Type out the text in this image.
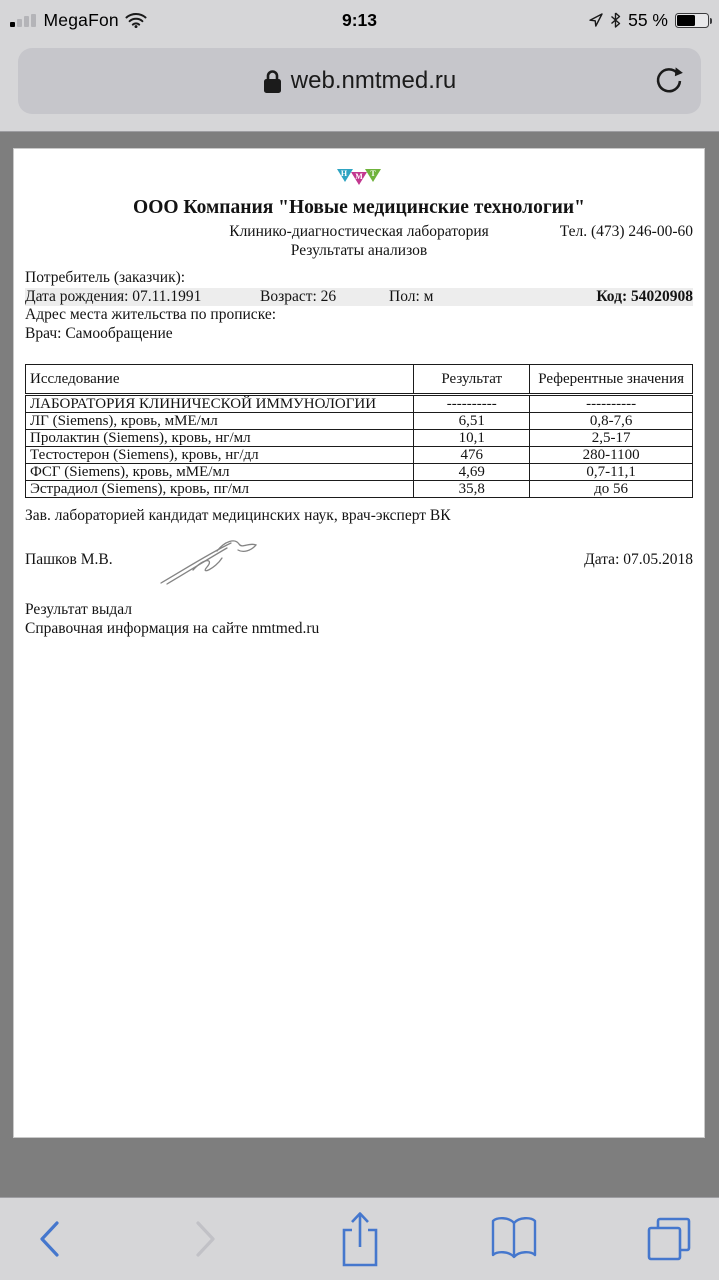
MegaFon	9:13	55 %
web.nmtmed.ru
Н М Т
ООО Компания "Новые медицинские технологии"
Клинико-диагностическая лаборатория	Тел. (473) 246-00-60
Результаты анализов
Потребитель (заказчик):
Дата рождения: 07.11.1991	Возраст: 26	Пол: м	Код: 54020908
Адрес места жительства по прописке:
Врач: Самообращение
Исследование	Результат	Референтные значения
ЛАБОРАТОРИЯ КЛИНИЧЕСКОЙ ИММУНОЛОГИИ	----------	----------
ЛГ (Siemens), кровь, мМЕ/мл	6,51	0,8-7,6
Пролактин (Siemens), кровь, нг/мл	10,1	2,5-17
Тестостерон (Siemens), кровь, нг/дл	476	280-1100
ФСГ (Siemens), кровь, мМЕ/мл	4,69	0,7-11,1
Эстрадиол (Siemens), кровь, пг/мл	35,8	до 56
Зав. лабораторией кандидат медицинских наук, врач-эксперт ВК
Пашков М.В.	Дата: 07.05.2018
Результат выдал
Справочная информация на сайте nmtmed.ru
